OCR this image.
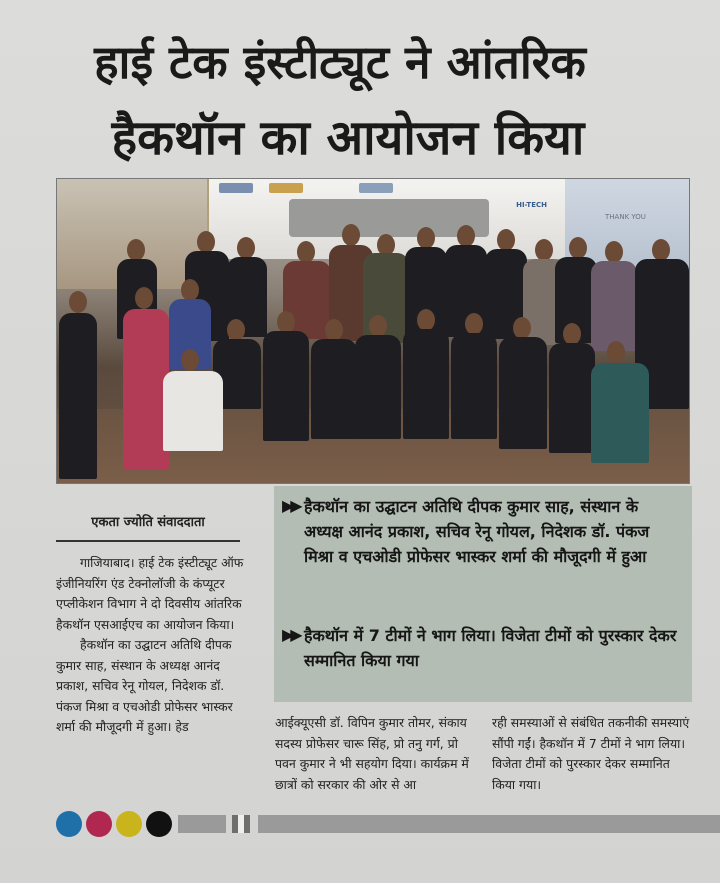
हाई टेक इंस्टीट्यूट ने आंतरिक
हैकथॉन का आयोजन किया
HI-TECH
THANK YOU
एकता ज्योति संवाददाता

गाजियाबाद। हाई टेक इंस्टीट्यूट ऑफ इंजीनियरिंग एंड टेक्नोलॉजी के कंप्यूटर एप्लीकेशन विभाग ने दो दिवसीय आंतरिक हैकथॉन एसआईएच का आयोजन किया।

हैकथॉन का उद्घाटन अतिथि दीपक कुमार साह, संस्थान के अध्यक्ष आनंद प्रकाश, सचिव रेनू गोयल, निदेशक डॉ. पंकज मिश्रा व एचओडी प्रोफेसर भास्कर शर्मा की मौजूदगी में हुआ। हेड

▶▶ हैकथॉन का उद्घाटन अतिथि दीपक कुमार साह, संस्थान के अध्यक्ष आनंद प्रकाश, सचिव रेनू गोयल, निदेशक डॉ. पंकज मिश्रा व एचओडी प्रोफेसर भास्कर शर्मा की मौजूदगी में हुआ
▶▶ हैकथॉन में 7 टीमों ने भाग लिया। विजेता टीमों को पुरस्कार देकर सम्मानित किया गया
आईक्यूएसी डॉ. विपिन कुमार तोमर, संकाय सदस्य प्रोफेसर चारू सिंह, प्रो तनु गर्ग, प्रो पवन कुमार ने भी सहयोग दिया। कार्यक्रम में छात्रों को सरकार की ओर से आ
रही समस्याओं से संबंधित तकनीकी समस्याएं सौंपी गईं। हैकथॉन में 7 टीमों ने भाग लिया। विजेता टीमों को पुरस्कार देकर सम्मानित किया गया।
